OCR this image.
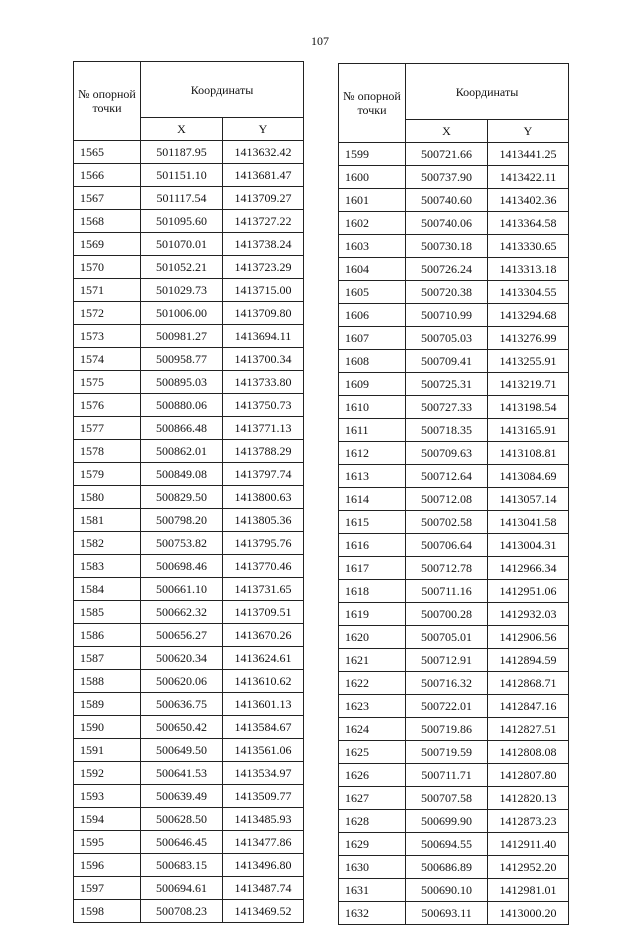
107
№ опорной точки	Координаты	
	X	Y
1565	501187.95	1413632.42
1566	501151.10	1413681.47
1567	501117.54	1413709.27
1568	501095.60	1413727.22
1569	501070.01	1413738.24
1570	501052.21	1413723.29
1571	501029.73	1413715.00
1572	501006.00	1413709.80
1573	500981.27	1413694.11
1574	500958.77	1413700.34
1575	500895.03	1413733.80
1576	500880.06	1413750.73
1577	500866.48	1413771.13
1578	500862.01	1413788.29
1579	500849.08	1413797.74
1580	500829.50	1413800.63
1581	500798.20	1413805.36
1582	500753.82	1413795.76
1583	500698.46	1413770.46
1584	500661.10	1413731.65
1585	500662.32	1413709.51
1586	500656.27	1413670.26
1587	500620.34	1413624.61
1588	500620.06	1413610.62
1589	500636.75	1413601.13
1590	500650.42	1413584.67
1591	500649.50	1413561.06
1592	500641.53	1413534.97
1593	500639.49	1413509.77
1594	500628.50	1413485.93
1595	500646.45	1413477.86
1596	500683.15	1413496.80
1597	500694.61	1413487.74
1598	500708.23	1413469.52
№ опорной точки	Координаты	
	X	Y
1599	500721.66	1413441.25
1600	500737.90	1413422.11
1601	500740.60	1413402.36
1602	500740.06	1413364.58
1603	500730.18	1413330.65
1604	500726.24	1413313.18
1605	500720.38	1413304.55
1606	500710.99	1413294.68
1607	500705.03	1413276.99
1608	500709.41	1413255.91
1609	500725.31	1413219.71
1610	500727.33	1413198.54
1611	500718.35	1413165.91
1612	500709.63	1413108.81
1613	500712.64	1413084.69
1614	500712.08	1413057.14
1615	500702.58	1413041.58
1616	500706.64	1413004.31
1617	500712.78	1412966.34
1618	500711.16	1412951.06
1619	500700.28	1412932.03
1620	500705.01	1412906.56
1621	500712.91	1412894.59
1622	500716.32	1412868.71
1623	500722.01	1412847.16
1624	500719.86	1412827.51
1625	500719.59	1412808.08
1626	500711.71	1412807.80
1627	500707.58	1412820.13
1628	500699.90	1412873.23
1629	500694.55	1412911.40
1630	500686.89	1412952.20
1631	500690.10	1412981.01
1632	500693.11	1413000.20
